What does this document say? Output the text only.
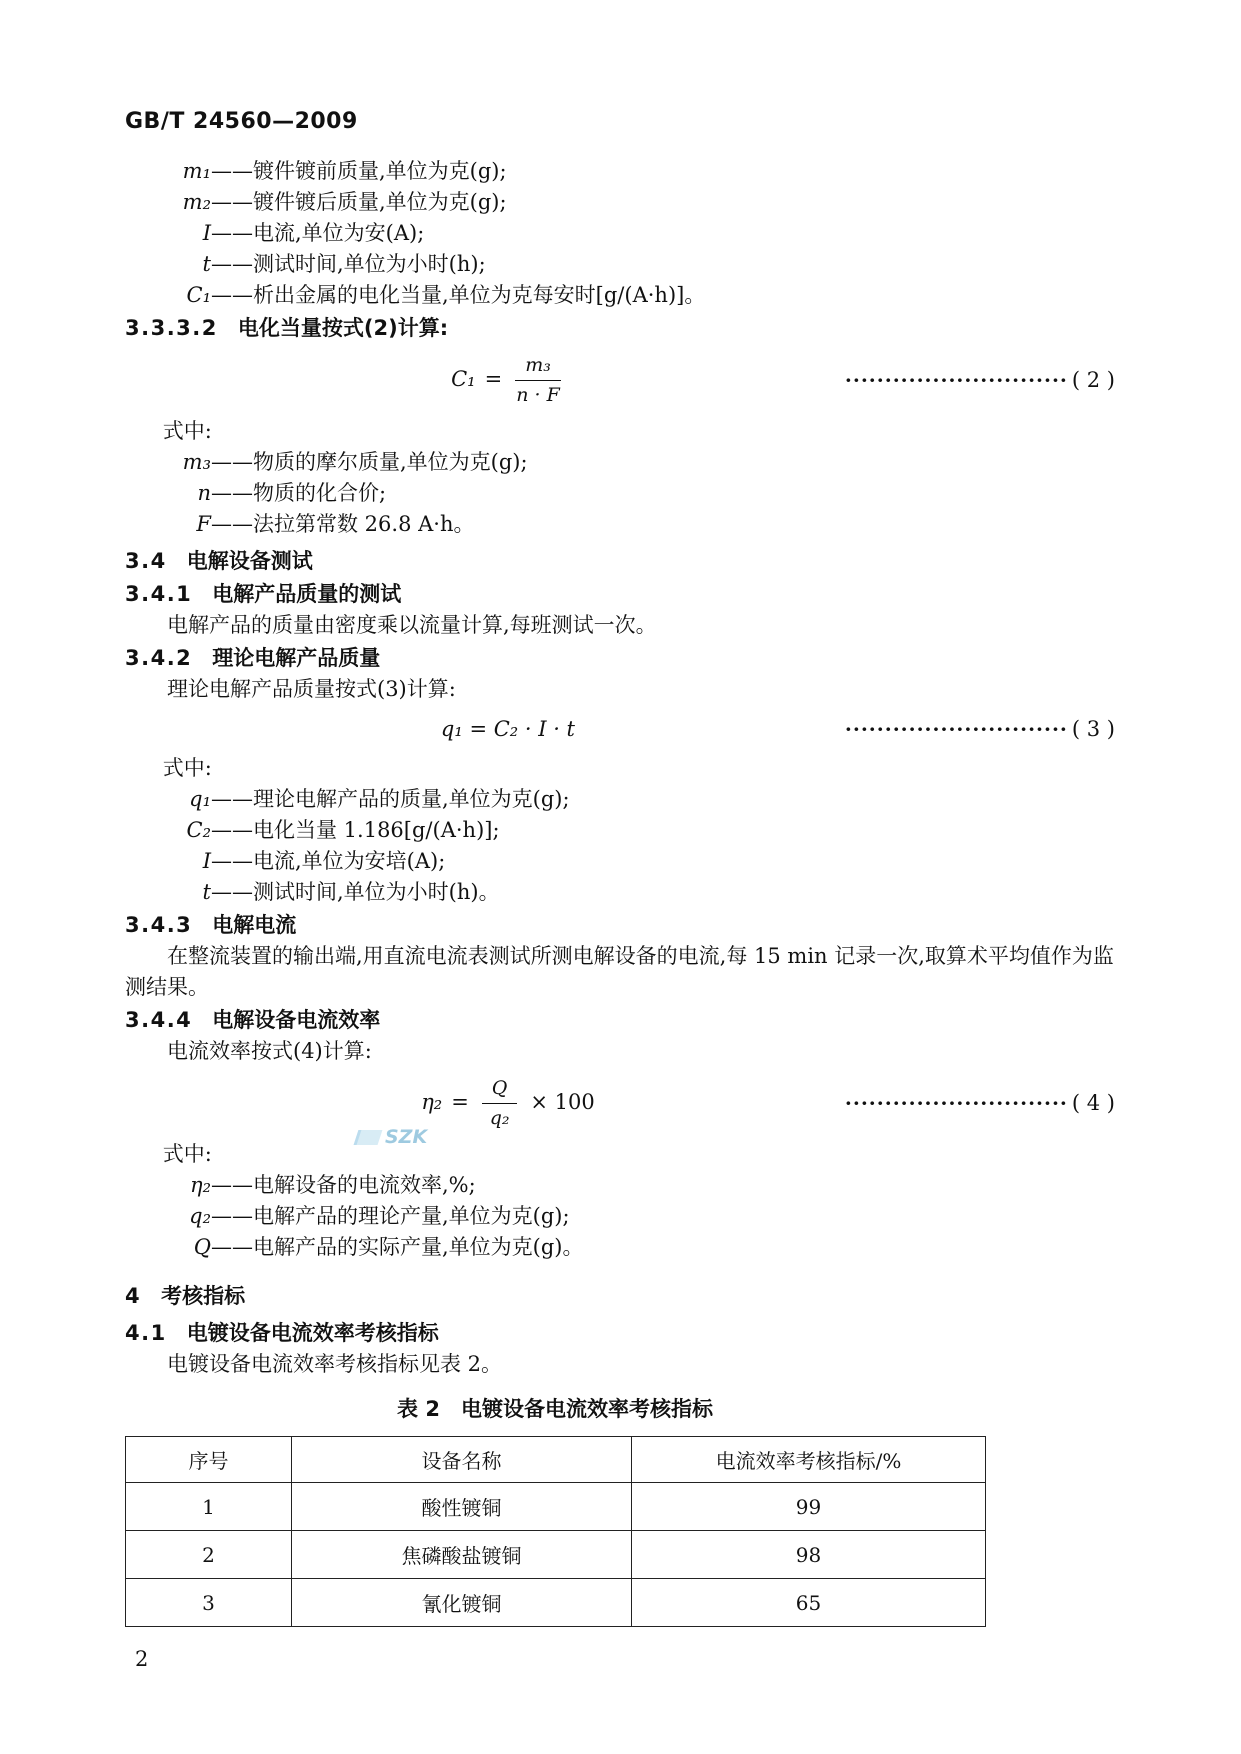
SZK
GB/T 24560—2009
m₁ ——镀件镀前质量,单位为克(g);
m₂ ——镀件镀后质量,单位为克(g);
I ——电流,单位为安(A);
t ——测试时间,单位为小时(h);
C₁ ——析出金属的电化当量,单位为克每安时[g/(A·h)]。
3.3.3.2 电化当量按式(2)计算:
$C_1 = \frac{\text{m₃}}{n \cdot F}$	···························· ( 2 )
式中:
m₃ ——物质的摩尔质量,单位为克(g);
n ——物质的化合价;
F ——法拉第常数 26.8 A·h。
3.4 电解设备测试
3.4.1 电解产品质量的测试

电解产品的质量由密度乘以流量计算,每班测试一次。

3.4.2 理论电解产品质量

理论电解产品质量按式(3)计算:

q₁ = C₂ · I · t	···························· ( 3 )
式中:
q₁ ——理论电解产品的质量,单位为克(g);
C₂ ——电化当量 1.186[g/(A·h)];
I ——电流,单位为安培(A);
t ——测试时间,单位为小时(h)。
3.4.3 电解电流

在整流装置的输出端,用直流电流表测试所测电解设备的电流,每 15 min 记录一次,取算术平均值作为监测结果。

3.4.4 电解设备电流效率

电流效率按式(4)计算:

$\eta_2 = \frac{Q}{\text{q₂}} \times 100$	···························· ( 4 )
式中:
η₂ ——电解设备的电流效率,%;
q₂ ——电解产品的理论产量,单位为克(g);
Q ——电解产品的实际产量,单位为克(g)。
4 考核指标
4.1 电镀设备电流效率考核指标

电镀设备电流效率考核指标见表 2。

表 2　电镀设备电流效率考核指标
序号	设备名称	电流效率考核指标/%
1	酸性镀铜	99
2	焦磷酸盐镀铜	98
3	氰化镀铜	65
2
